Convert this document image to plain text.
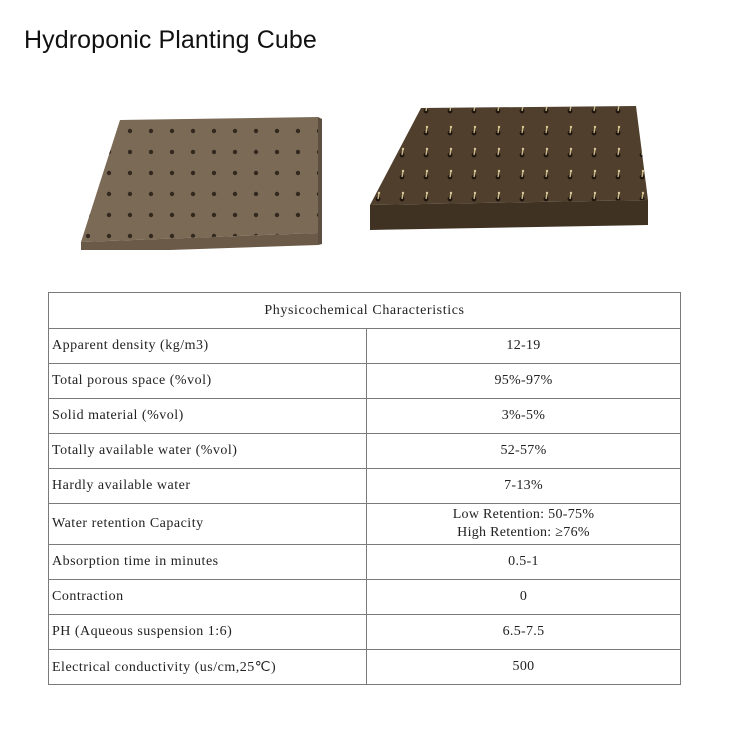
Hydroponic Planting Cube
Physicochemical Characteristics	
Apparent density (kg/m3)	12-19
Total porous space (%vol)	95%-97%
Solid material (%vol)	3%-5%
Totally available water (%vol)	52-57%
Hardly available water	7-13%
Water retention Capacity	Low Retention: 50-75%
High Retention: ≥76%

Absorption time in minutes	0.5-1
Contraction	0
PH (Aqueous suspension 1:6)	6.5-7.5
Electrical conductivity (us/cm,25℃)	500
